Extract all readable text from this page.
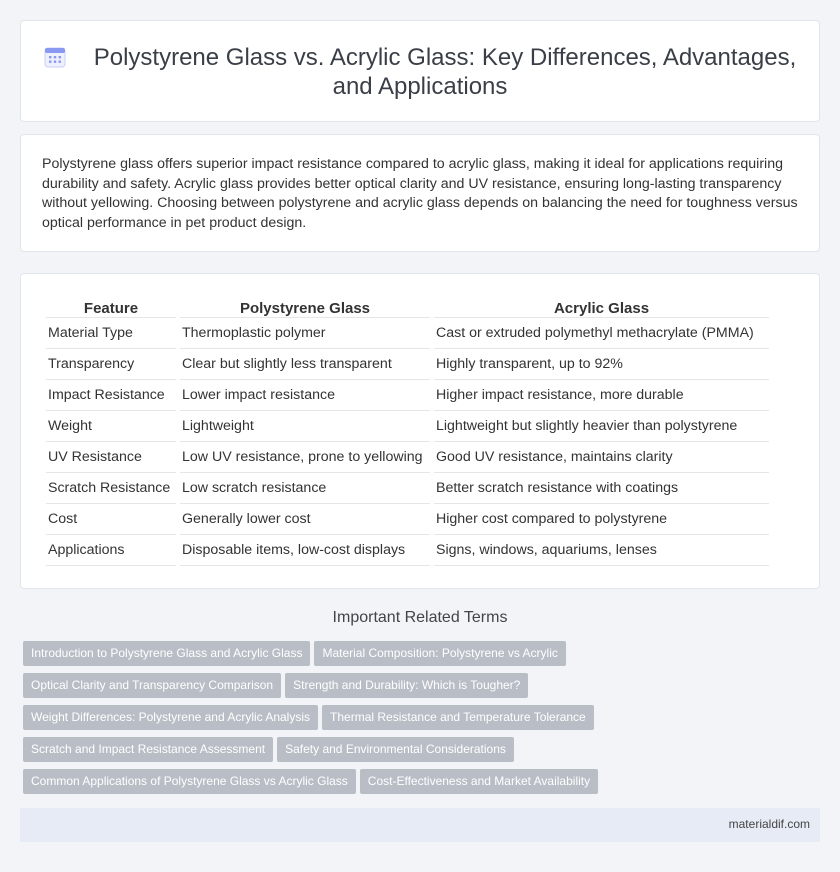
Polystyrene Glass vs. Acrylic Glass: Key Differences, Advantages, and Applications

Polystyrene glass offers superior impact resistance compared to acrylic glass, making it ideal for applications requiring durability and safety. Acrylic glass provides better optical clarity and UV resistance, ensuring long-lasting transparency without yellowing. Choosing between polystyrene and acrylic glass depends on balancing the need for toughness versus optical performance in pet product design.

Feature	Polystyrene Glass	Acrylic Glass
Material Type	Thermoplastic polymer	Cast or extruded polymethyl methacrylate (PMMA)
Transparency	Clear but slightly less transparent	Highly transparent, up to 92%
Impact Resistance	Lower impact resistance	Higher impact resistance, more durable
Weight	Lightweight	Lightweight but slightly heavier than polystyrene
UV Resistance	Low UV resistance, prone to yellowing	Good UV resistance, maintains clarity
Scratch Resistance	Low scratch resistance	Better scratch resistance with coatings
Cost	Generally lower cost	Higher cost compared to polystyrene
Applications	Disposable items, low-cost displays	Signs, windows, aquariums, lenses
Important Related Terms
Introduction to Polystyrene Glass and Acrylic Glass Material Composition: Polystyrene vs Acrylic
Optical Clarity and Transparency Comparison Strength and Durability: Which is Tougher?
Weight Differences: Polystyrene and Acrylic Analysis Thermal Resistance and Temperature Tolerance
Scratch and Impact Resistance Assessment Safety and Environmental Considerations
Common Applications of Polystyrene Glass vs Acrylic Glass Cost-Effectiveness and Market Availability
materialdif.com
